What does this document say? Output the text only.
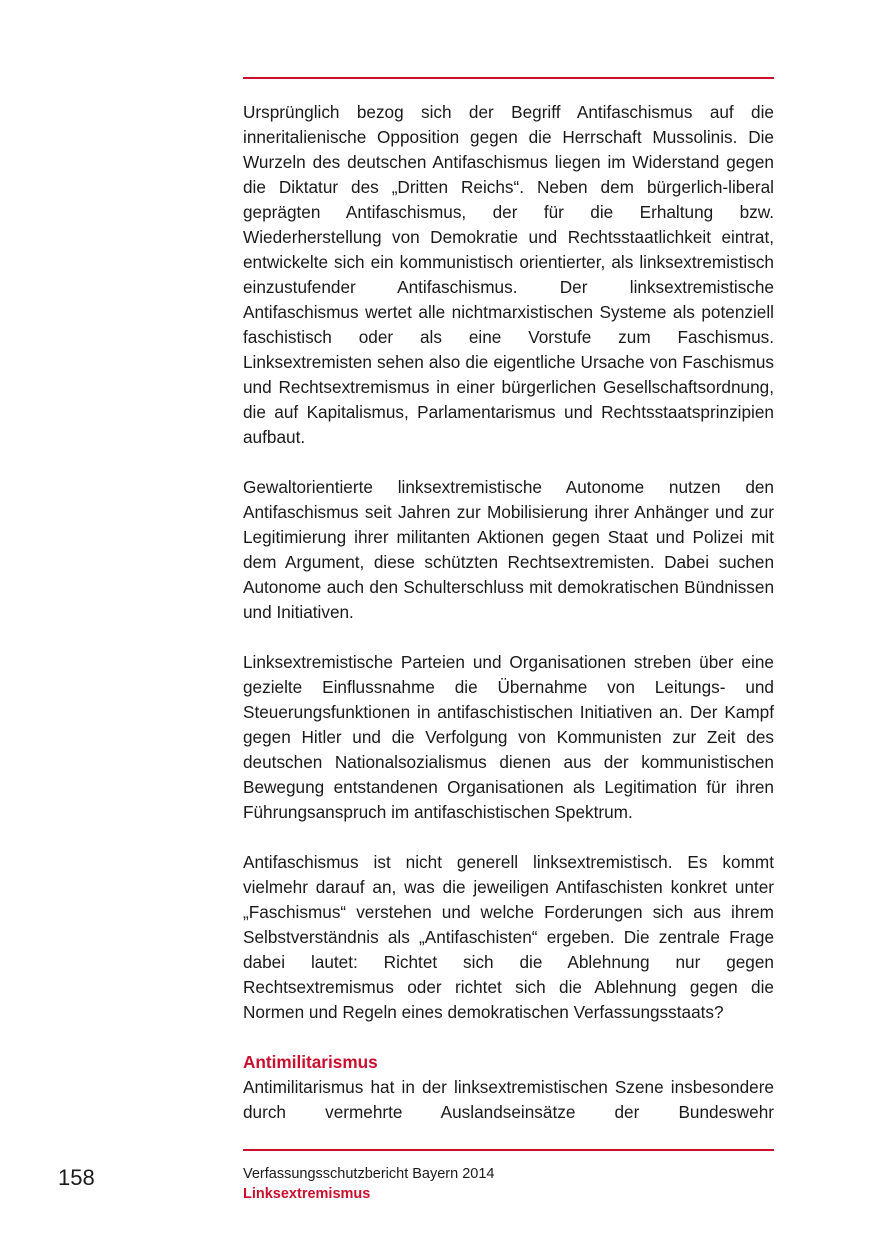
Ursprünglich bezog sich der Begriff Antifaschismus auf die inneritalienische Opposition gegen die Herrschaft Mussolinis. Die Wurzeln des deutschen Antifaschismus liegen im Widerstand gegen die Diktatur des „Dritten Reichs“. Neben dem bürgerlich-liberal geprägten Antifaschismus, der für die Erhaltung bzw. Wiederherstellung von Demokratie und Rechtsstaatlichkeit eintrat, entwickelte sich ein kommunistisch orientierter, als linksextremistisch einzustufender Antifaschismus. Der linksextremistische Antifaschismus wertet alle nichtmarxistischen Systeme als potenziell faschistisch oder als eine Vorstufe zum Faschismus. Linksextremisten sehen also die eigentliche Ursache von Faschismus und Rechtsextremismus in einer bürgerlichen Gesellschaftsordnung, die auf Kapitalismus, Parlamentarismus und Rechtsstaatsprinzipien aufbaut.

Gewaltorientierte linksextremistische Autonome nutzen den Antifaschismus seit Jahren zur Mobilisierung ihrer Anhänger und zur Legitimierung ihrer militanten Aktionen gegen Staat und Polizei mit dem Argument, diese schützten Rechtsextremisten. Dabei suchen Autonome auch den Schulterschluss mit demokratischen Bündnissen und Initiativen.

Linksextremistische Parteien und Organisationen streben über eine gezielte Einflussnahme die Übernahme von Leitungs- und Steuerungsfunktionen in antifaschistischen Initiativen an. Der Kampf gegen Hitler und die Verfolgung von Kommunisten zur Zeit des deutschen Nationalsozialismus dienen aus der kommunistischen Bewegung entstandenen Organisationen als Legitimation für ihren Führungsanspruch im antifaschistischen Spektrum.

Antifaschismus ist nicht generell linksextremistisch. Es kommt vielmehr darauf an, was die jeweiligen Antifaschisten konkret unter „Faschismus“ verstehen und welche Forderungen sich aus ihrem Selbstverständnis als „Antifaschisten“ ergeben. Die zentrale Frage dabei lautet: Richtet sich die Ablehnung nur gegen Rechtsextremismus oder richtet sich die Ablehnung gegen die Normen und Regeln eines demokratischen Verfassungsstaats?

Antimilitarismus

Antimilitarismus hat in der linksextremistischen Szene insbesondere durch vermehrte Auslandseinsätze der Bundeswehr

158	Verfassungsschutzbericht Bayern 2014
Linksextremismus
